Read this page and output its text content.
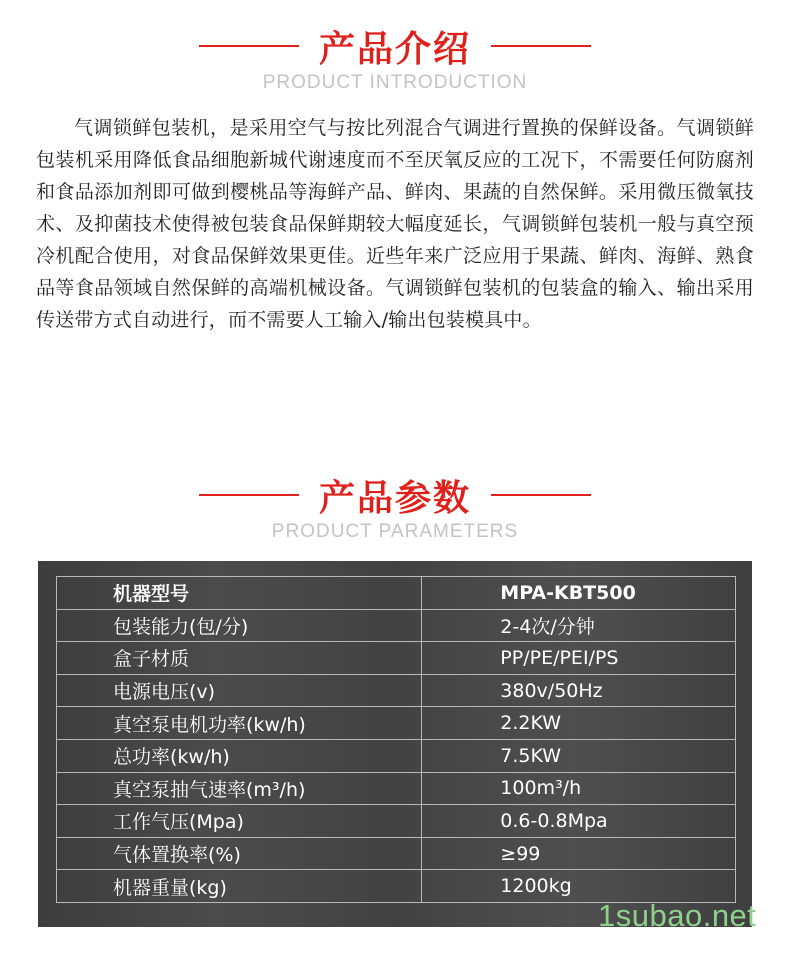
产品介绍
PRODUCT INTRODUCTION

气调锁鲜包装机，是采用空气与按比列混合气调进行置换的保鲜设备。气调锁鲜包装机采用降低食品细胞新城代谢速度而不至厌氧反应的工况下，不需要任何防腐剂和食品添加剂即可做到樱桃品等海鲜产品、鲜肉、果蔬的自然保鲜。采用微压微氧技术、及抑菌技术使得被包装食品保鲜期较大幅度延长，气调锁鲜包装机一般与真空预冷机配合使用，对食品保鲜效果更佳。近些年来广泛应用于果蔬、鲜肉、海鲜、熟食品等食品领域自然保鲜的高端机械设备。气调锁鲜包装机的包装盒的输入、输出采用传送带方式自动进行，而不需要人工输入/输出包装模具中。

产品参数
PRODUCT PARAMETERS
机器型号	MPA-KBT500
包装能力(包/分)	2-4次/分钟
盒子材质	PP/PE/PEI/PS
电源电压(v)	380v/50Hz
真空泵电机功率(kw/h)	2.2KW
总功率(kw/h)	7.5KW
真空泵抽气速率(m³/h)	100m³/h
工作气压(Mpa)	0.6-0.8Mpa
气体置换率(%)	≥99
机器重量(kg)	1200kg
1subao.net
